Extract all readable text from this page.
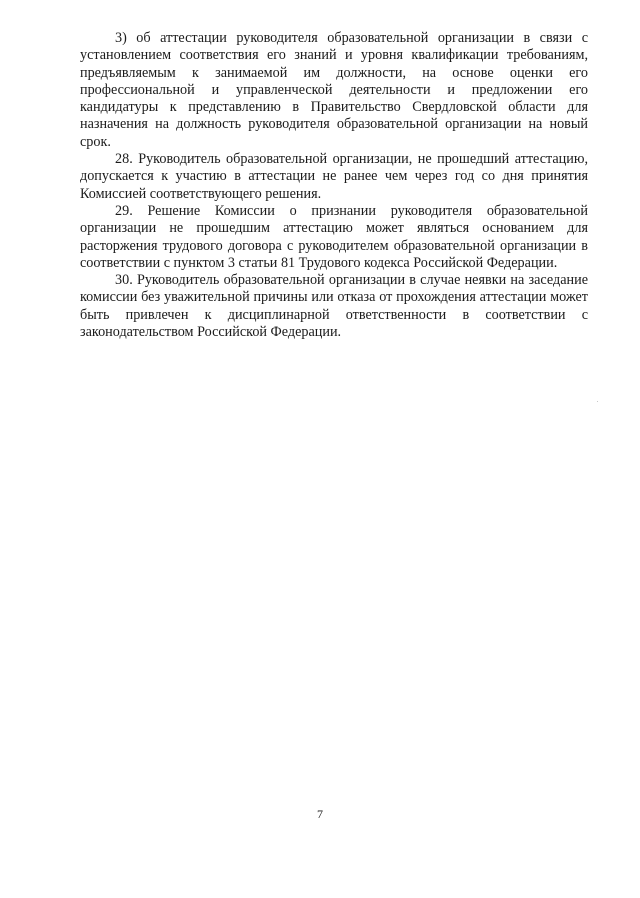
3) об аттестации руководителя образовательной организации в связи с установлением соответствия его знаний и уровня квалификации требованиям, предъявляемым к занимаемой им должности, на основе оценки его профессиональной и управленческой деятельности и предложении его кандидатуры к представлению в Правительство Свердловской области для назначения на должность руководителя образовательной организации на новый срок.

28. Руководитель образовательной организации, не прошедший аттестацию, допускается к участию в аттестации не ранее чем через год со дня принятия Комиссией соответствующего решения.

29. Решение Комиссии о признании руководителя образовательной организации не прошедшим аттестацию может являться основанием для расторжения трудового договора с руководителем образовательной организации в соответствии с пунктом 3 статьи 81 Трудового кодекса Российской Федерации.

30. Руководитель образовательной организации в случае неявки на заседание комиссии без уважительной причины или отказа от прохождения аттестации может быть привлечен к дисциплинарной ответственности в соответствии с законодательством Российской Федерации.

7
